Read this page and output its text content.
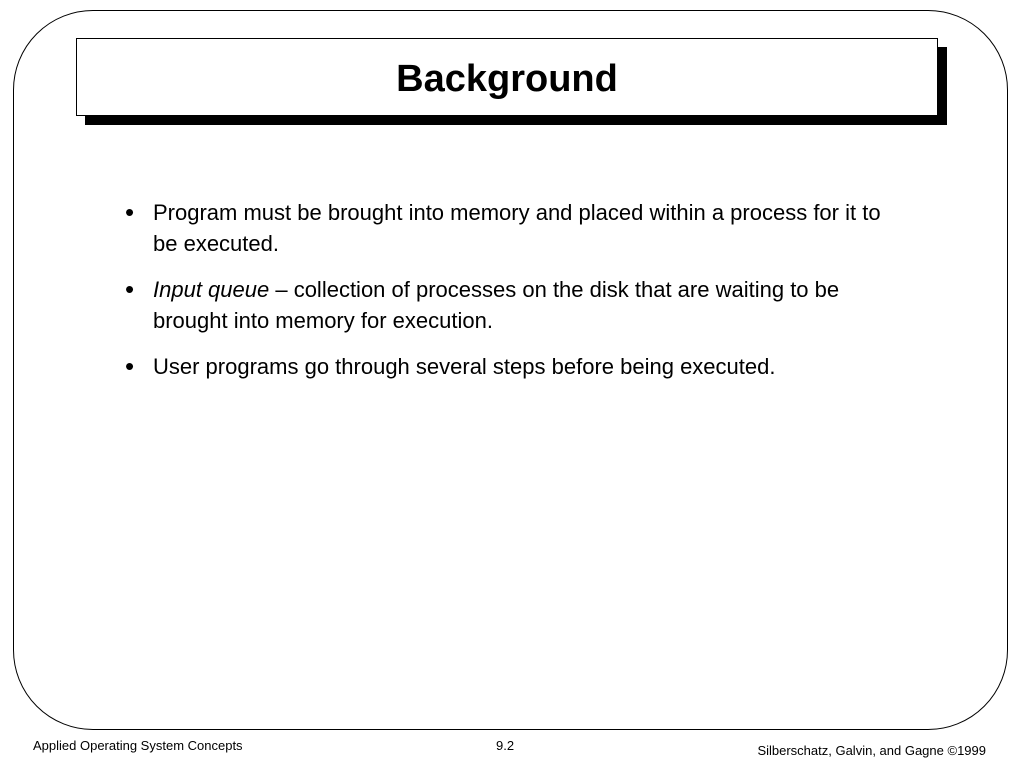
Background
• Program must be brought into memory and placed within a process for it to be executed.
• Input queue – collection of processes on the disk that are waiting to be brought into memory for execution.
• User programs go through several steps before being executed.
Applied Operating System Concepts	9.2	Silberschatz, Galvin, and Gagne ©1999
